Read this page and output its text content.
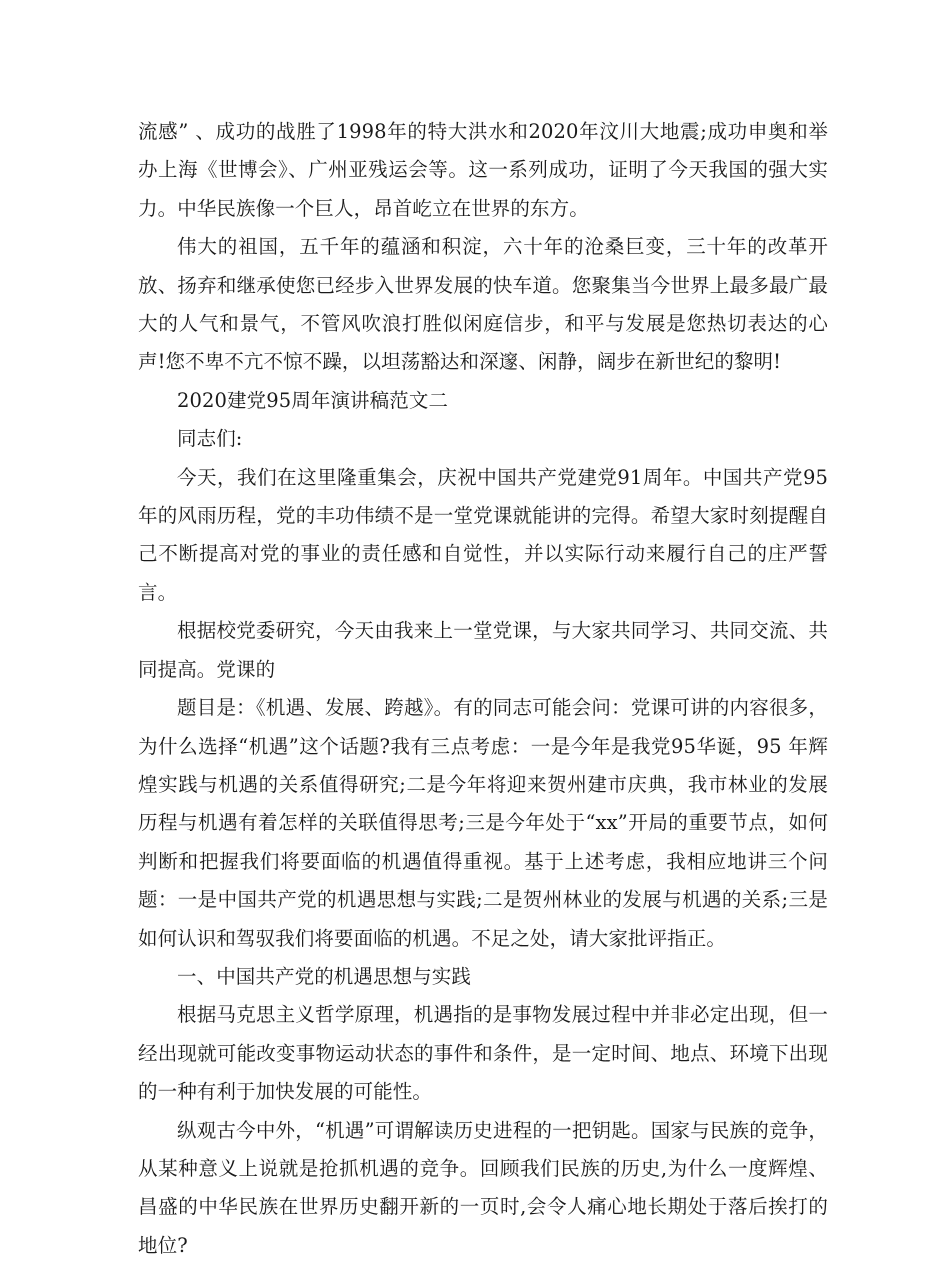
流感” 、成功的战胜了1998年的特大洪水和2020年汶川大地震;成功申奥和举办上海《世博会》、广州亚残运会等。这一系列成功，证明了今天我国的强大实力。中华民族像一个巨人，昂首屹立在世界的东方。

伟大的祖国，五千年的蕴涵和积淀，六十年的沧桑巨变，三十年的改革开放、扬弃和继承使您已经步入世界发展的快车道。您聚集当今世界上最多最广最大的人气和景气，不管风吹浪打胜似闲庭信步，和平与发展是您热切表达的心声!您不卑不亢不惊不躁，以坦荡豁达和深邃、闲静，阔步在新世纪的黎明!

2020建党95周年演讲稿范文二

同志们:

今天，我们在这里隆重集会，庆祝中国共产党建党91周年。中国共产党95年的风雨历程，党的丰功伟绩不是一堂党课就能讲的完得。希望大家时刻提醒自己不断提高对党的事业的责任感和自觉性，并以实际行动来履行自己的庄严誓言。

根据校党委研究，今天由我来上一堂党课，与大家共同学习、共同交流、共同提高。党课的

题目是：《机遇、发展、跨越》。有的同志可能会问：党课可讲的内容很多，为什么选择“机遇”这个话题?我有三点考虑：一是今年是我党95华诞，95 年辉煌实践与机遇的关系值得研究;二是今年将迎来贺州建市庆典，我市林业的发展历程与机遇有着怎样的关联值得思考;三是今年处于“xx”开局的重要节点，如何判断和把握我们将要面临的机遇值得重视。基于上述考虑，我相应地讲三个问题：一是中国共产党的机遇思想与实践;二是贺州林业的发展与机遇的关系;三是如何认识和驾驭我们将要面临的机遇。不足之处，请大家批评指正。

一、中国共产党的机遇思想与实践

根据马克思主义哲学原理，机遇指的是事物发展过程中并非必定出现，但一经出现就可能改变事物运动状态的事件和条件，是一定时间、地点、环境下出现的一种有利于加快发展的可能性。

纵观古今中外，“机遇”可谓解读历史进程的一把钥匙。国家与民族的竞争，从某种意义上说就是抢抓机遇的竞争。回顾我们民族的历史,为什么一度辉煌、昌盛的中华民族在世界历史翻开新的一页时,会令人痛心地长期处于落后挨打的地位?
